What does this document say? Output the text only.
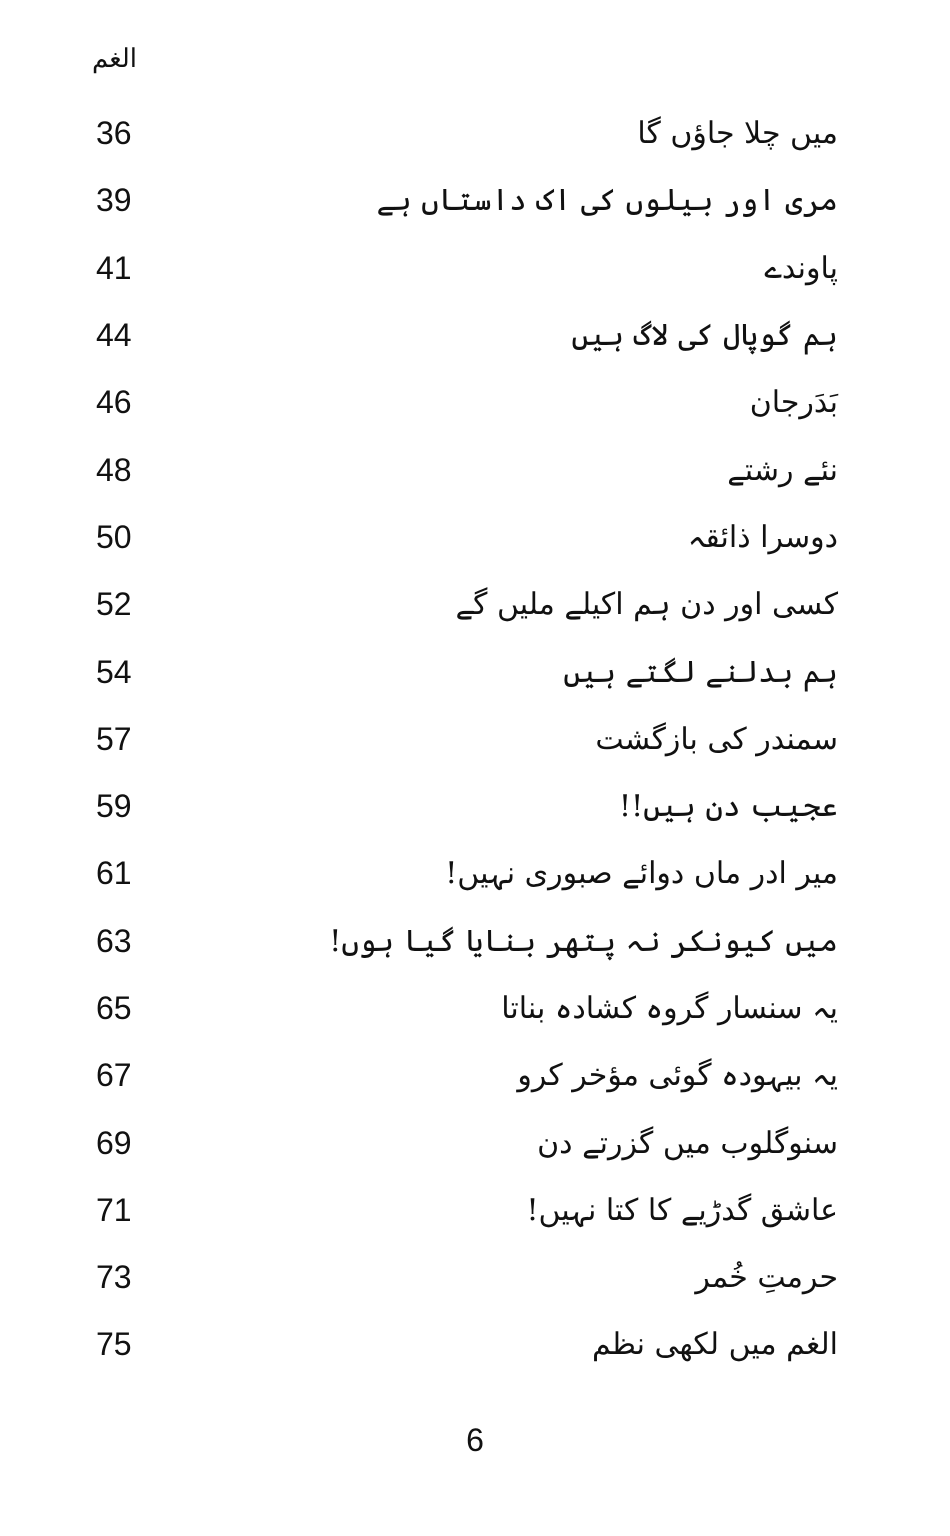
الغم
36	میں چلا جاؤں گا
39	مری اور بیلوں کی اک داستاں ہے
41	پاوندے
44	ہم گوپال کی لاگ ہیں
46	بَدَرجان
48	نئے رشتے
50	دوسرا ذائقہ
52	کسی اور دن ہم اکیلے ملیں گے
54	ہم بدلنے لگتے ہیں
57	سمندر کی بازگشت
59	عجیب دن ہیں!!
61	میر ادر ماں دوائے صبوری نہیں!
63	میں کیونکر نہ پتھر بنایا گیا ہوں!
65	یہ سنسار گروہ کشادہ بناتا
67	یہ بیہودہ گوئی مؤخر کرو
69	سنوگلوب میں گزرتے دن
71	عاشق گدڑیے کا کتا نہیں!
73	حرمتِ خُمر
75	الغم میں لکھی نظم
6
